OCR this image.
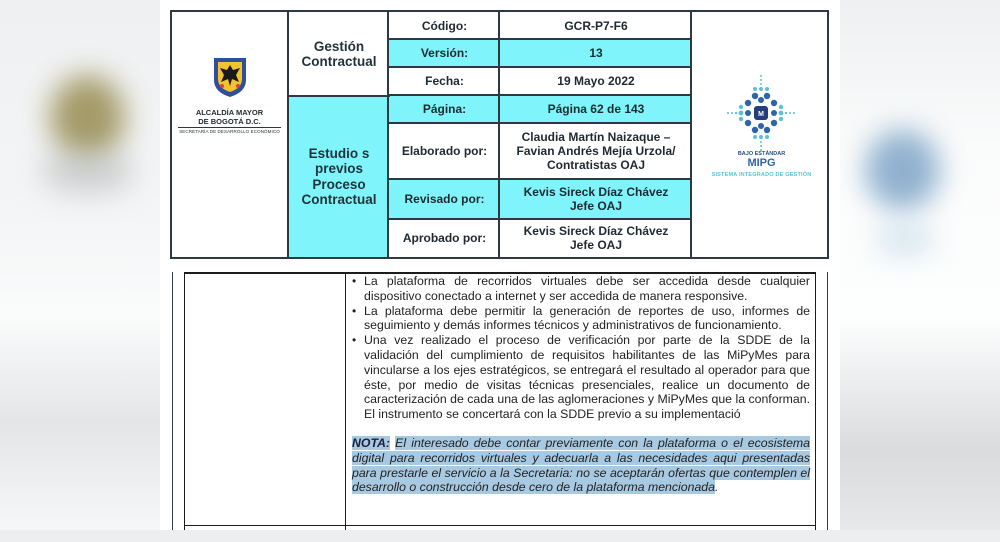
ALCALDÍA MAYOR
DE BOGOTÁ D.C.
SECRETARÍA DE DESARROLLO ECONÓMICO
Gestión Contractual
Estudio s previos Proceso Contractual
Código:	GCR-P7-F6
Versión:	13
Fecha:	19 Mayo 2022
Página:	Página 62 de 143
Elaborado por:
Claudia Martín Naizaque –
Favian Andrés Mejía Urzola/
Contratistas OAJ
Revisado por:	Kevis Sireck Díaz Chávez
Jefe OAJ
Aprobado por:	Kevis Sireck Díaz Chávez
Jefe OAJ
M
BAJO ESTÁNDAR
MIPG
SISTEMA INTEGRADO DE GESTIÓN

• La plataforma de recorridos virtuales debe ser accedida desde cualquier dispositivo conectado a internet y ser accedida de manera responsive.

• La plataforma debe permitir la generación de reportes de uso, informes de seguimiento y demás informes técnicos y administrativos de funcionamiento.

• Una vez realizado el proceso de verificación por parte de la SDDE de la validación del cumplimiento de requisitos habilitantes de las MiPyMes para vincularse a los ejes estratégicos, se entregará el resultado al operador para que éste, por medio de visitas técnicas presenciales, realice un documento de caracterización de cada una de las aglomeraciones y MiPyMes que la conforman. El instrumento se concertará con la SDDE previo a su implementació

NOTA: El interesado debe contar previamente con la plataforma o el ecosistema digital para recorridos virtuales y adecuarla a las necesidades aqui presentadas para prestarle el servicio a la Secretaria: no se aceptarán ofertas que contemplen el desarrollo o construcción desde cero de la plataforma mencionada.
